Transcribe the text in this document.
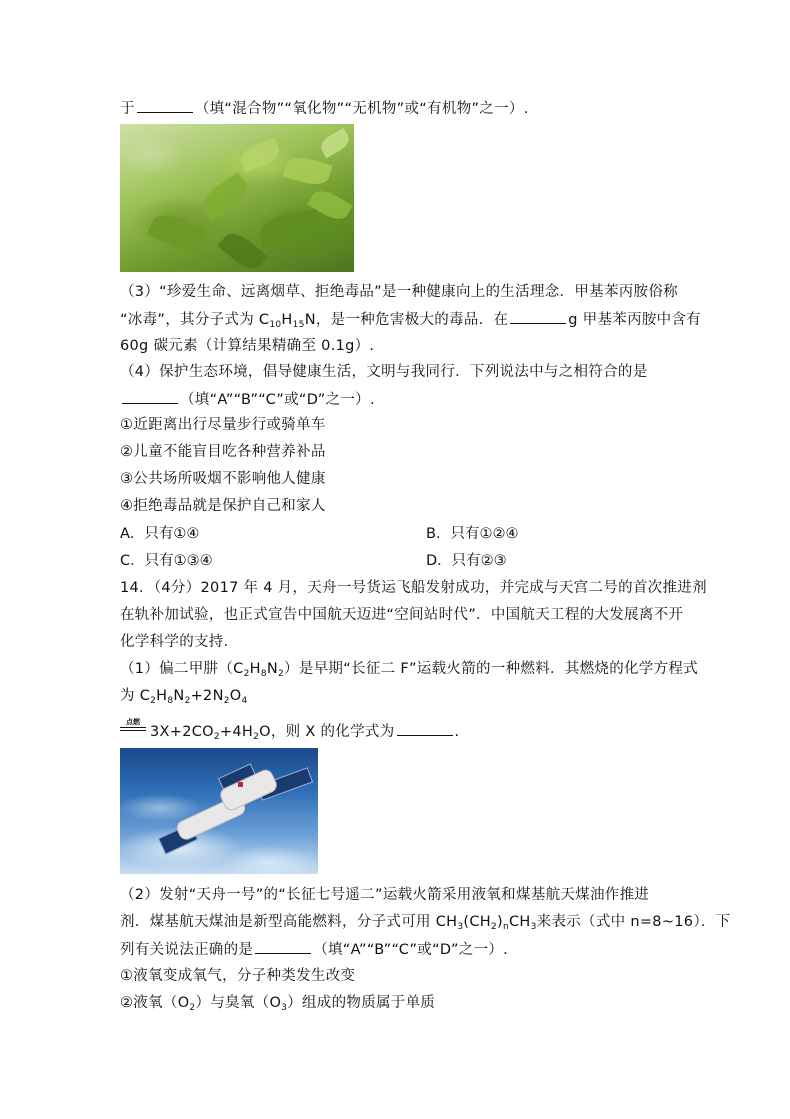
于	（填“混合物”“氧化物”“无机物”或“有机物”之一）.
（3）“珍爱生命、远离烟草、拒绝毒品”是一种健康向上的生活理念．甲基苯丙胺俗称
“冰毒”，其分子式为 $C_{10}H_{15}N$，是一种危害极大的毒品．在	g 甲基苯丙胺中含有
60g 碳元素（计算结果精确至 0.1g）.
（4）保护生态环境，倡导健康生活，文明与我同行．下列说法中与之相符合的是
（填“A”“B”“C”或“D”之一）.
①近距离出行尽量步行或骑单车
②儿童不能盲目吃各种营养补品
③公共场所吸烟不影响他人健康
④拒绝毒品就是保护自己和家人
A．只有①④	B．只有①②④
C．只有①③④	D．只有②③
14．（4分）2017 年 4 月，天舟一号货运飞船发射成功，并完成与天宫二号的首次推进剂
在轨补加试验，也正式宣告中国航天迈进“空间站时代”．中国航天工程的大发展离不开
化学科学的支持．
（1）偏二甲肼$(C_2H_8N_2)$是早期“长征二 F”运载火箭的一种燃料．其燃烧的化学方程式
为 $C_2H_8N_2+2N_2O_4$
点燃
$3X+2CO_2+4H_2O$，则 X 的化学式为	.
（2）发射“天舟一号”的“长征七号遥二”运载火箭采用液氧和煤基航天煤油作推进
剂．煤基航天煤油是新型高能燃料，分子式可用 $CH_3(CH_2)_nCH_3$来表示（式中 n=8~16）．下
列有关说法正确的是	（填“A”“B”“C”或“D”之一）.
①液氧变成氧气，分子种类发生改变
②液氧$(O_2)$与臭氧$(O_3)$组成的物质属于单质
